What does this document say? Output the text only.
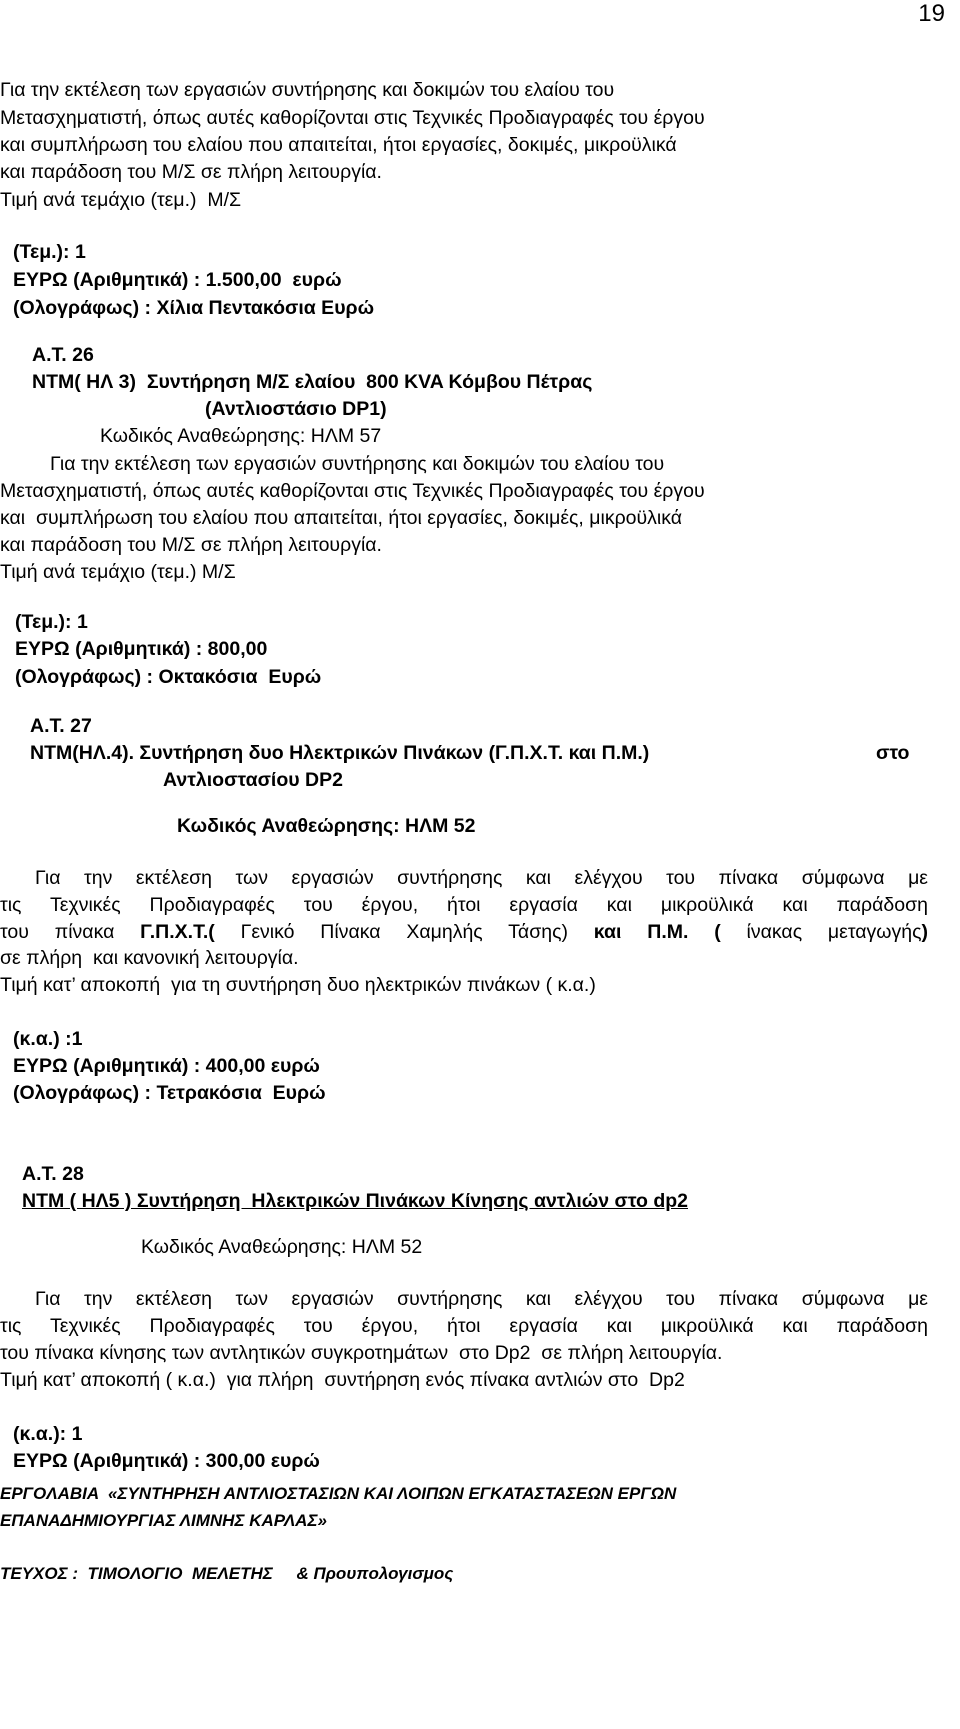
19
Για την εκτέλεση των εργασιών συντήρησης και δοκιμών του ελαίου του
Μετασχηματιστή, όπως αυτές καθορίζονται στις Τεχνικές Προδιαγραφές του έργου
και συμπλήρωση του ελαίου που απαιτείται, ήτοι εργασίες, δοκιμές, μικροϋλικά
και παράδοση του Μ/Σ σε πλήρη λειτουργία.
Τιμή ανά τεμάχιο (τεμ.)  Μ/Σ
(Τεμ.): 1
ΕΥΡΩ (Αριθμητικά) : 1.500,00  ευρώ
(Ολογράφως) : Χίλια Πεντακόσια Ευρώ
Α.Τ. 26
ΝΤΜ( ΗΛ 3)  Συντήρηση Μ/Σ ελαίου  800 KVA Κόμβου Πέτρας
(Αντλιοστάσιο DP1)
Κωδικός Αναθεώρησης: ΗΛΜ 57
Για την εκτέλεση των εργασιών συντήρησης και δοκιμών του ελαίου του
Μετασχηματιστή, όπως αυτές καθορίζονται στις Τεχνικές Προδιαγραφές του έργου
και  συμπλήρωση του ελαίου που απαιτείται, ήτοι εργασίες, δοκιμές, μικροϋλικά
και παράδοση του Μ/Σ σε πλήρη λειτουργία.
Τιμή ανά τεμάχιο (τεμ.) Μ/Σ
(Τεμ.): 1
ΕΥΡΩ (Αριθμητικά) : 800,00
(Ολογράφως) : Οκτακόσια  Ευρώ
Α.Τ. 27
ΝΤΜ(ΗΛ.4). Συντήρηση δυο Ηλεκτρικών Πινάκων (Γ.Π.Χ.Τ. και Π.Μ.)	στο
Αντλιοστασίου DP2
Κωδικός Αναθεώρησης: ΗΛΜ 52
Για την εκτέλεση των εργασιών συντήρησης και ελέγχου του πίνακα σύμφωνα με
τις Τεχνικές Προδιαγραφές του έργου, ήτοι εργασία και μικροϋλικά και παράδοση
του πίνακα Γ.Π.Χ.Τ.( Γενικό Πίνακα Χαμηλής Τάσης) και Π.Μ. ( ίνακας μεταγωγής)
σε πλήρη  και κανονική λειτουργία.
Τιμή κατ’ αποκοπή  για τη συντήρηση δυο ηλεκτρικών πινάκων ( κ.α.)
(κ.α.) :1
ΕΥΡΩ (Αριθμητικά) : 400,00 ευρώ
(Ολογράφως) : Τετρακόσια  Ευρώ
Α.Τ. 28
ΝΤΜ ( ΗΛ5 ) Συντήρηση  Ηλεκτρικών Πινάκων Κίνησης αντλιών στο dp2
Κωδικός Αναθεώρησης: ΗΛΜ 52
Για την εκτέλεση των εργασιών συντήρησης και ελέγχου του πίνακα σύμφωνα με
τις Τεχνικές Προδιαγραφές του έργου, ήτοι εργασία και μικροϋλικά και παράδοση
του πίνακα κίνησης των αντλητικών συγκροτημάτων  στο Dp2  σε πλήρη λειτουργία.
Τιμή κατ’ αποκοπή ( κ.α.)  για πλήρη  συντήρηση ενός πίνακα αντλιών στο  Dp2
(κ.α.): 1
ΕΥΡΩ (Αριθμητικά) : 300,00 ευρώ
ΕΡΓΟΛΑΒΙΑ  «ΣΥΝΤΗΡΗΣΗ ΑΝΤΛΙΟΣΤΑΣΙΩΝ ΚΑΙ ΛΟΙΠΩΝ ΕΓΚΑΤΑΣΤΑΣΕΩΝ ΕΡΓΩΝ
ΕΠΑΝΑΔΗΜΙΟΥΡΓΙΑΣ ΛΙΜΝΗΣ ΚΑΡΛΑΣ»
ΤΕΥΧΟΣ :  ΤΙΜΟΛΟΓΙΟ  ΜΕΛΕΤΗΣ     & Προυπολογισμος
